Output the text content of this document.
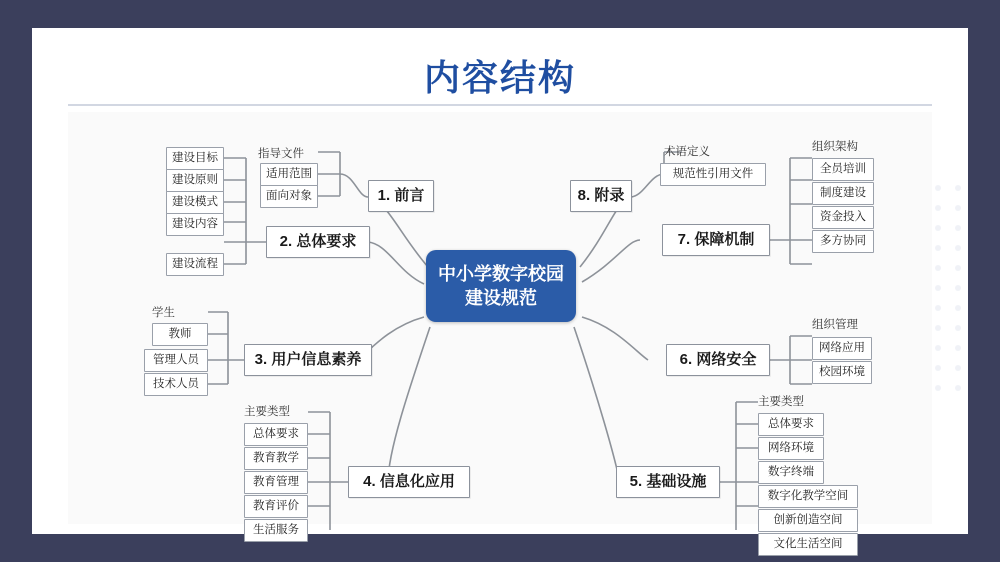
内容结构
中小学数字校园
建设规范
1. 前言
2. 总体要求
3. 用户信息素养
4. 信息化应用	5. 基础设施
6. 网络安全
7. 保障机制
8. 附录
指导文件
适用范围
面向对象
建设目标
建设原则
建设模式
建设内容
建设流程
学生
教师
管理人员
技术人员
主要类型
总体要求
教育教学
教育管理
教育评价
生活服务
主要类型
总体要求
网络环境
数字终端
数字化教学空间
创新创造空间
文化生活空间
组织管理
网络应用
校园环境
组织架构
全员培训
制度建设
资金投入
多方协同
术语定义
规范性引用文件
